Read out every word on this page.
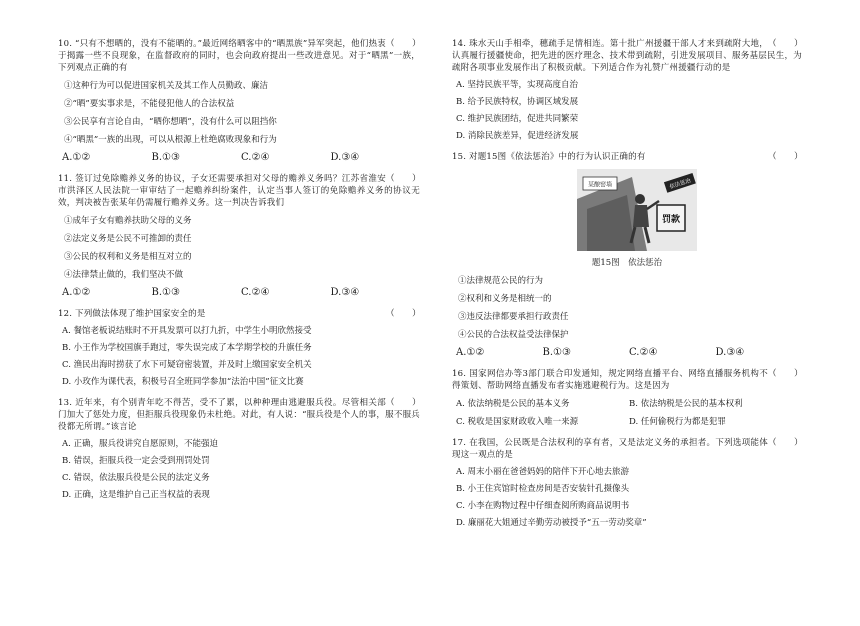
（　　）
10. “只有不想晒的，没有不能晒的。”最近网络晒客中的“晒黑族”异军突起，他们热衷于揭露一些不良现象，在监督政府的同时，也会向政府提出一些改进意见。对于“晒黑”一族，下列观点正确的有

①这种行为可以促进国家机关及其工作人员勤政、廉洁

②“晒”要实事求是，不能侵犯他人的合法权益

③公民享有言论自由，“晒你想晒”，没有什么可以阻挡你

④“晒黑”一族的出现，可以从根源上杜绝腐败现象和行为

A.①②	B.①③	C.②④	D.③④

（　　）
11. 签订过免除赡养义务的协议，子女还需要承担对父母的赡养义务吗？江苏省淮安市洪泽区人民法院一审审结了一起赡养纠纷案件，认定当事人签订的免除赡养义务的协议无效，判决被告张某年仍需履行赡养义务。这一判决告诉我们

①成年子女有赡养扶助父母的义务

②法定义务是公民不可推卸的责任

③公民的权利和义务是相互对立的

④法律禁止做的，我们坚决不做

A.①②	B.①③	C.②④	D.③④

12. 下列做法体现了维护国家安全的是	（　　）

A. 餐馆老板说结账时不开具发票可以打九折，中学生小明欣然接受

B. 小王作为学校国旗手跑过，零失误完成了本学期学校的升旗任务

C. 渔民出海时捞获了水下可疑窃密装置，并及时上缴国家安全机关

D. 小玫作为课代表，积极号召全班同学参加“法治中国”征文比赛

（　　）
13. 近年来，有个别青年吃不得苦，受不了累，以种种理由逃避服兵役。尽管相关部门加大了惩处力度，但拒服兵役现象仍未杜绝。对此，有人说：“服兵役是个人的事，服不服兵役都无所谓。”该言论

A. 正确，服兵役讲究自愿原则，不能强迫

B. 错误，拒服兵役一定会受到刑罚处罚

C. 错误，依法服兵役是公民的法定义务

D. 正确，这是维护自己正当权益的表现

（　　）
14. 珠水天山手相牵，穗疏手足情相连。第十批广州援疆干部人才来到疏附大地，认真履行援疆使命，把先进的医疗理念、技术带到疏附，引进发展项目、服务基层民生，为疏附各项事业发展作出了积极贡献。下列适合作为礼赞广州援疆行动的是

A. 坚持民族平等，实现高度自治

B. 给予民族特权，协调区域发展

C. 维护民族团结，促进共同繁荣

D. 消除民族差异，促进经济发展

15. 对题15图《依法惩治》中的行为认识正确的有	（　　）

某酿窑墙	依法惩治
罚款
题15图　依法惩治

①法律规范公民的行为

②权利和义务是相统一的

③违反法律都要承担行政责任

④公民的合法权益受法律保护

A.①②	B.①③	C.②④	D.③④

（　　）
16. 国家网信办等3部门联合印发通知，规定网络直播平台、网络直播服务机构不得策划、帮助网络直播发布者实施逃避税行为。这是因为

A. 依法纳税是公民的基本义务	B. 依法纳税是公民的基本权利
C. 税收是国家财政收入唯一来源	D. 任何偷税行为都是犯罪

（　　）
17. 在我国，公民既是合法权利的享有者，又是法定义务的承担者。下列选项能体现这一观点的是

A. 周末小丽在爸爸妈妈的陪伴下开心地去旅游

B. 小王住宾馆时检查房间是否安装针孔摄像头

C. 小李在购物过程中仔细查阅所购商品说明书

D. 廉丽花大姐通过辛勤劳动被授予“五一劳动奖章”
